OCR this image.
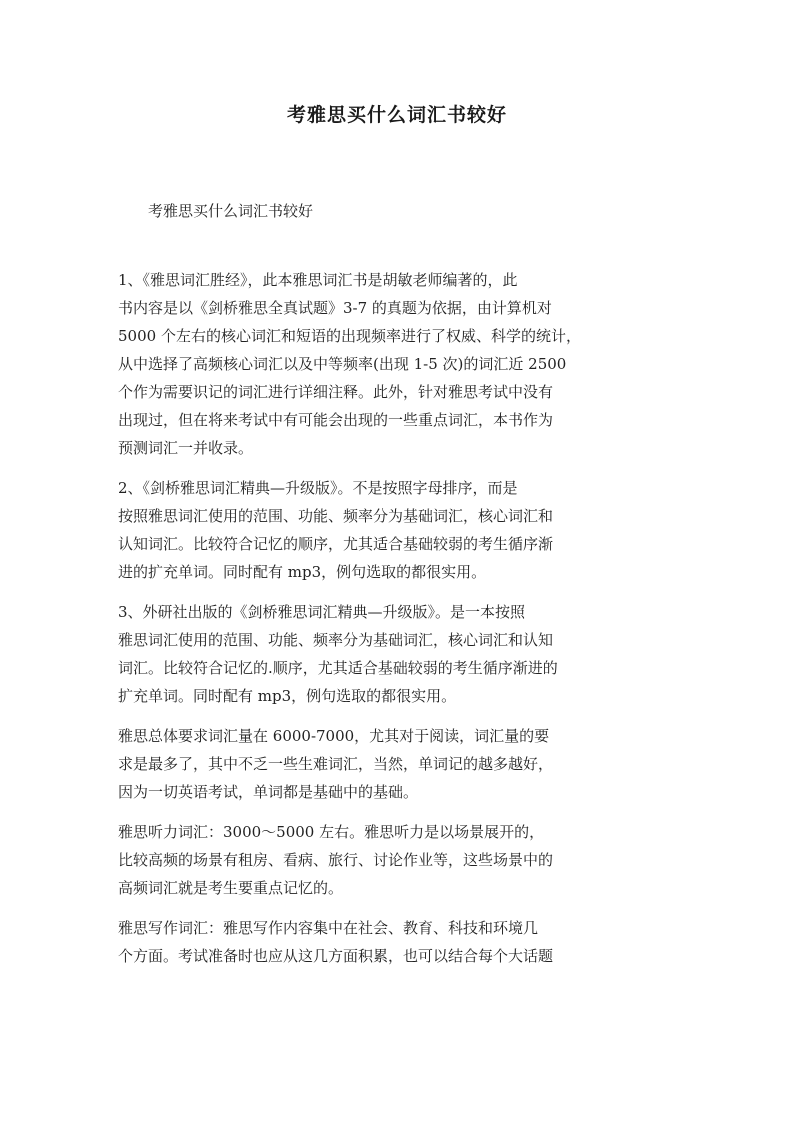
考雅思买什么词汇书较好

考雅思买什么词汇书较好

1、《雅思词汇胜经》，此本雅思词汇书是胡敏老师编著的，此
书内容是以《剑桥雅思全真试题》3-7 的真题为依据，由计算机对
5000 个左右的核心词汇和短语的出现频率进行了权威、科学的统计，
从中选择了高频核心词汇以及中等频率(出现 1-5 次)的词汇近 2500
个作为需要识记的词汇进行详细注释。此外，针对雅思考试中没有
出现过，但在将来考试中有可能会出现的一些重点词汇，本书作为
预测词汇一并收录。
2、《剑桥雅思词汇精典—升级版》。不是按照字母排序，而是
按照雅思词汇使用的范围、功能、频率分为基础词汇，核心词汇和
认知词汇。比较符合记忆的顺序，尤其适合基础较弱的考生循序渐
进的扩充单词。同时配有 mp3，例句选取的都很实用。
3、外研社出版的《剑桥雅思词汇精典—升级版》。是一本按照
雅思词汇使用的范围、功能、频率分为基础词汇，核心词汇和认知
词汇。比较符合记忆的.顺序，尤其适合基础较弱的考生循序渐进的
扩充单词。同时配有 mp3，例句选取的都很实用。
雅思总体要求词汇量在 6000-7000，尤其对于阅读，词汇量的要
求是最多了，其中不乏一些生难词汇，当然，单词记的越多越好，
因为一切英语考试，单词都是基础中的基础。
雅思听力词汇：3000～5000 左右。雅思听力是以场景展开的，
比较高频的场景有租房、看病、旅行、讨论作业等，这些场景中的
高频词汇就是考生要重点记忆的。
雅思写作词汇：雅思写作内容集中在社会、教育、科技和环境几
个方面。考试准备时也应从这几方面积累，也可以结合每个大话题
